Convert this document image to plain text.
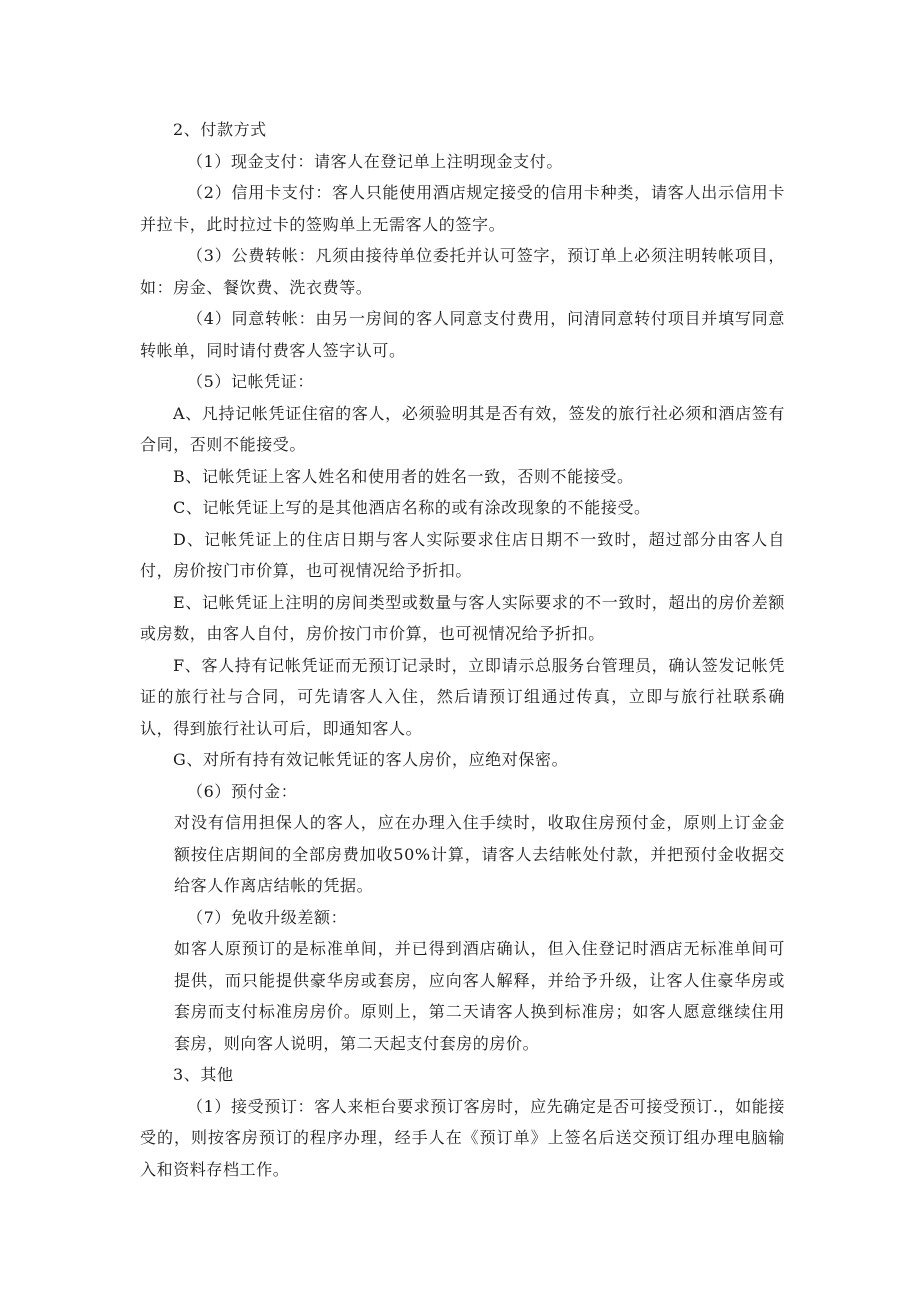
2、付款方式

（1）现金支付：请客人在登记单上注明现金支付。

（2）信用卡支付：客人只能使用酒店规定接受的信用卡种类，请客人出示信用卡并拉卡，此时拉过卡的签购单上无需客人的签字。

（3）公费转帐：凡须由接待单位委托并认可签字，预订单上必须注明转帐项目，如：房金、餐饮费、洗衣费等。

（4）同意转帐：由另一房间的客人同意支付费用，问清同意转付项目并填写同意转帐单，同时请付费客人签字认可。

（5）记帐凭证：

A、凡持记帐凭证住宿的客人，必须验明其是否有效，签发的旅行社必须和酒店签有合同，否则不能接受。

B、记帐凭证上客人姓名和使用者的姓名一致，否则不能接受。

C、记帐凭证上写的是其他酒店名称的或有涂改现象的不能接受。

D、记帐凭证上的住店日期与客人实际要求住店日期不一致时，超过部分由客人自付，房价按门市价算，也可视情况给予折扣。

E、记帐凭证上注明的房间类型或数量与客人实际要求的不一致时，超出的房价差额或房数，由客人自付，房价按门市价算，也可视情况给予折扣。

F、客人持有记帐凭证而无预订记录时，立即请示总服务台管理员，确认签发记帐凭证的旅行社与合同，可先请客人入住，然后请预订组通过传真，立即与旅行社联系确认，得到旅行社认可后，即通知客人。

G、对所有持有效记帐凭证的客人房价，应绝对保密。

（6）预付金：

对没有信用担保人的客人，应在办理入住手续时，收取住房预付金，原则上订金金额按住店期间的全部房费加收50%计算，请客人去结帐处付款，并把预付金收据交给客人作离店结帐的凭据。

（7）免收升级差额：

如客人原预订的是标准单间，并已得到酒店确认，但入住登记时酒店无标准单间可提供，而只能提供豪华房或套房，应向客人解释，并给予升级，让客人住豪华房或套房而支付标准房房价。原则上，第二天请客人换到标准房；如客人愿意继续住用套房，则向客人说明，第二天起支付套房的房价。

3、其他

（1）接受预订：客人来柜台要求预订客房时，应先确定是否可接受预订.，如能接受的，则按客房预订的程序办理，经手人在《预订单》上签名后送交预订组办理电脑输入和资料存档工作。
